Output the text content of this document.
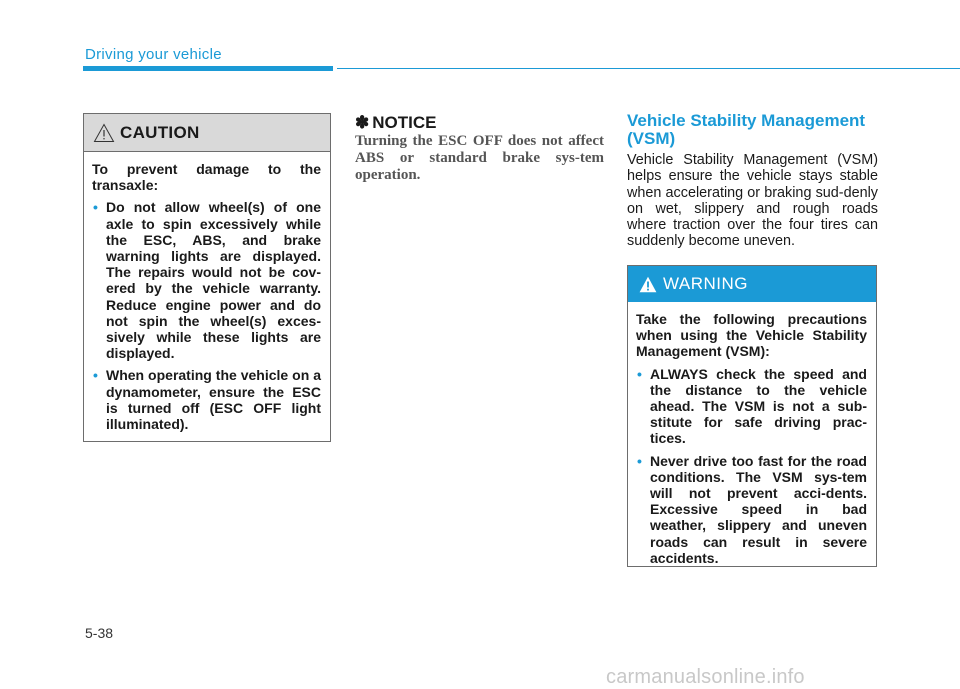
Driving your vehicle
CAUTION

To prevent damage to the transaxle:

• Do not allow wheel(s) of one axle to spin excessively while the ESC, ABS, and brake warning lights are displayed. The repairs would not be cov-ered by the vehicle warranty. Reduce engine power and do not spin the wheel(s) exces-sively while these lights are displayed.
• When operating the vehicle on a dynamometer, ensure the ESC is turned off (ESC OFF light illuminated).
✽ NOTICE

Turning the ESC OFF does not affect ABS or standard brake sys-tem operation.

Vehicle Stability Management (VSM)

Vehicle Stability Management (VSM) helps ensure the vehicle stays stable when accelerating or braking sud-denly on wet, slippery and rough roads where traction over the four tires can suddenly become uneven.

WARNING

Take the following precautions when using the Vehicle Stability Management (VSM):

• ALWAYS check the speed and the distance to the vehicle ahead. The VSM is not a sub-stitute for safe driving prac-tices.
• Never drive too fast for the road conditions. The VSM sys-tem will not prevent acci-dents. Excessive speed in bad weather, slippery and uneven roads can result in severe accidents.
5-38
carmanualsonline.info
